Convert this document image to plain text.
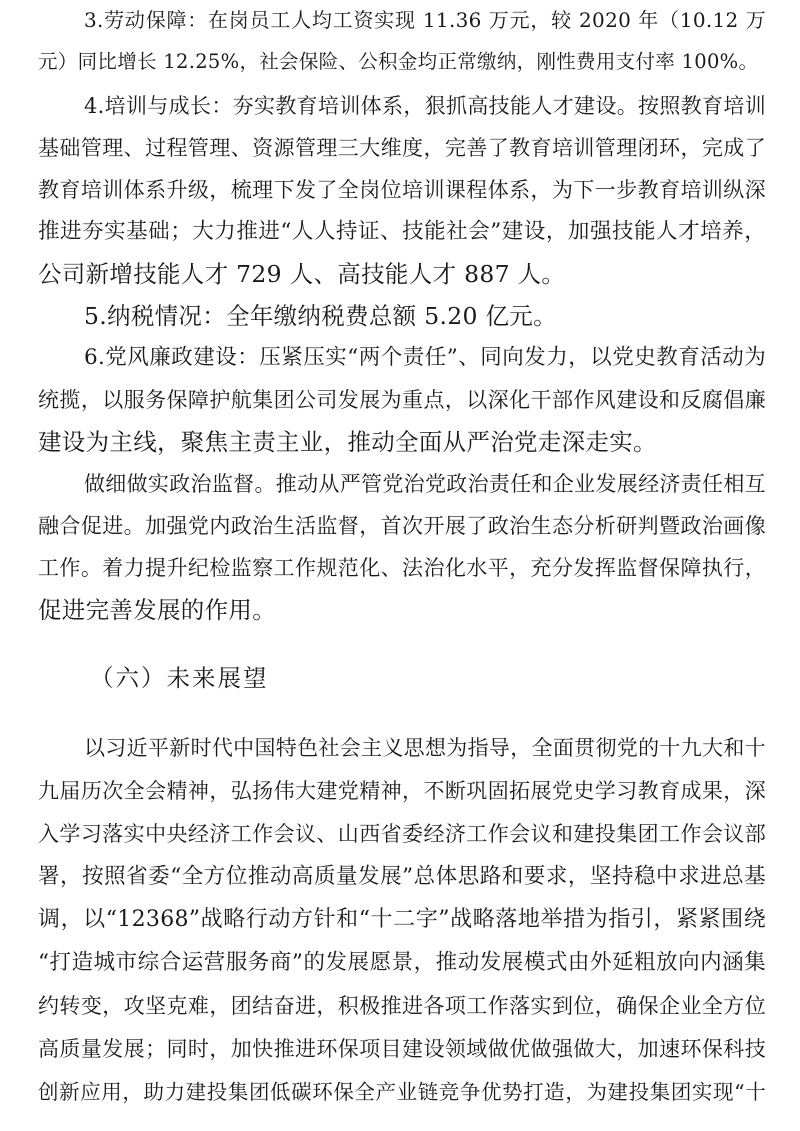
3.劳动保障：在岗员工人均工资实现 11.36 万元，较 2020 年（10.12 万
元）同比增长 12.25%，社会保险、公积金均正常缴纳，刚性费用支付率 100%。
4.培训与成长：夯实教育培训体系，狠抓高技能人才建设。按照教育培训
基础管理、过程管理、资源管理三大维度，完善了教育培训管理闭环，完成了
教育培训体系升级，梳理下发了全岗位培训课程体系，为下一步教育培训纵深
推进夯实基础；大力推进“人人持证、技能社会”建设，加强技能人才培养，
公司新增技能人才 729 人、高技能人才 887 人。
5.纳税情况：全年缴纳税费总额 5.20 亿元。
6.党风廉政建设：压紧压实“两个责任”、同向发力，以党史教育活动为
统揽，以服务保障护航集团公司发展为重点，以深化干部作风建设和反腐倡廉
建设为主线，聚焦主责主业，推动全面从严治党走深走实。
做细做实政治监督。推动从严管党治党政治责任和企业发展经济责任相互
融合促进。加强党内政治生活监督，首次开展了政治生态分析研判暨政治画像
工作。着力提升纪检监察工作规范化、法治化水平，充分发挥监督保障执行，
促进完善发展的作用。
（六）未来展望
以习近平新时代中国特色社会主义思想为指导，全面贯彻党的十九大和十
九届历次全会精神，弘扬伟大建党精神，不断巩固拓展党史学习教育成果，深
入学习落实中央经济工作会议、山西省委经济工作会议和建投集团工作会议部
署，按照省委“全方位推动高质量发展”总体思路和要求，坚持稳中求进总基
调，以“12368”战略行动方针和“十二字”战略落地举措为指引，紧紧围绕
“打造城市综合运营服务商”的发展愿景，推动发展模式由外延粗放向内涵集
约转变，攻坚克难，团结奋进，积极推进各项工作落实到位，确保企业全方位
高质量发展；同时，加快推进环保项目建设领域做优做强做大，加速环保科技
创新应用，助力建投集团低碳环保全产业链竞争优势打造，为建投集团实现“十
